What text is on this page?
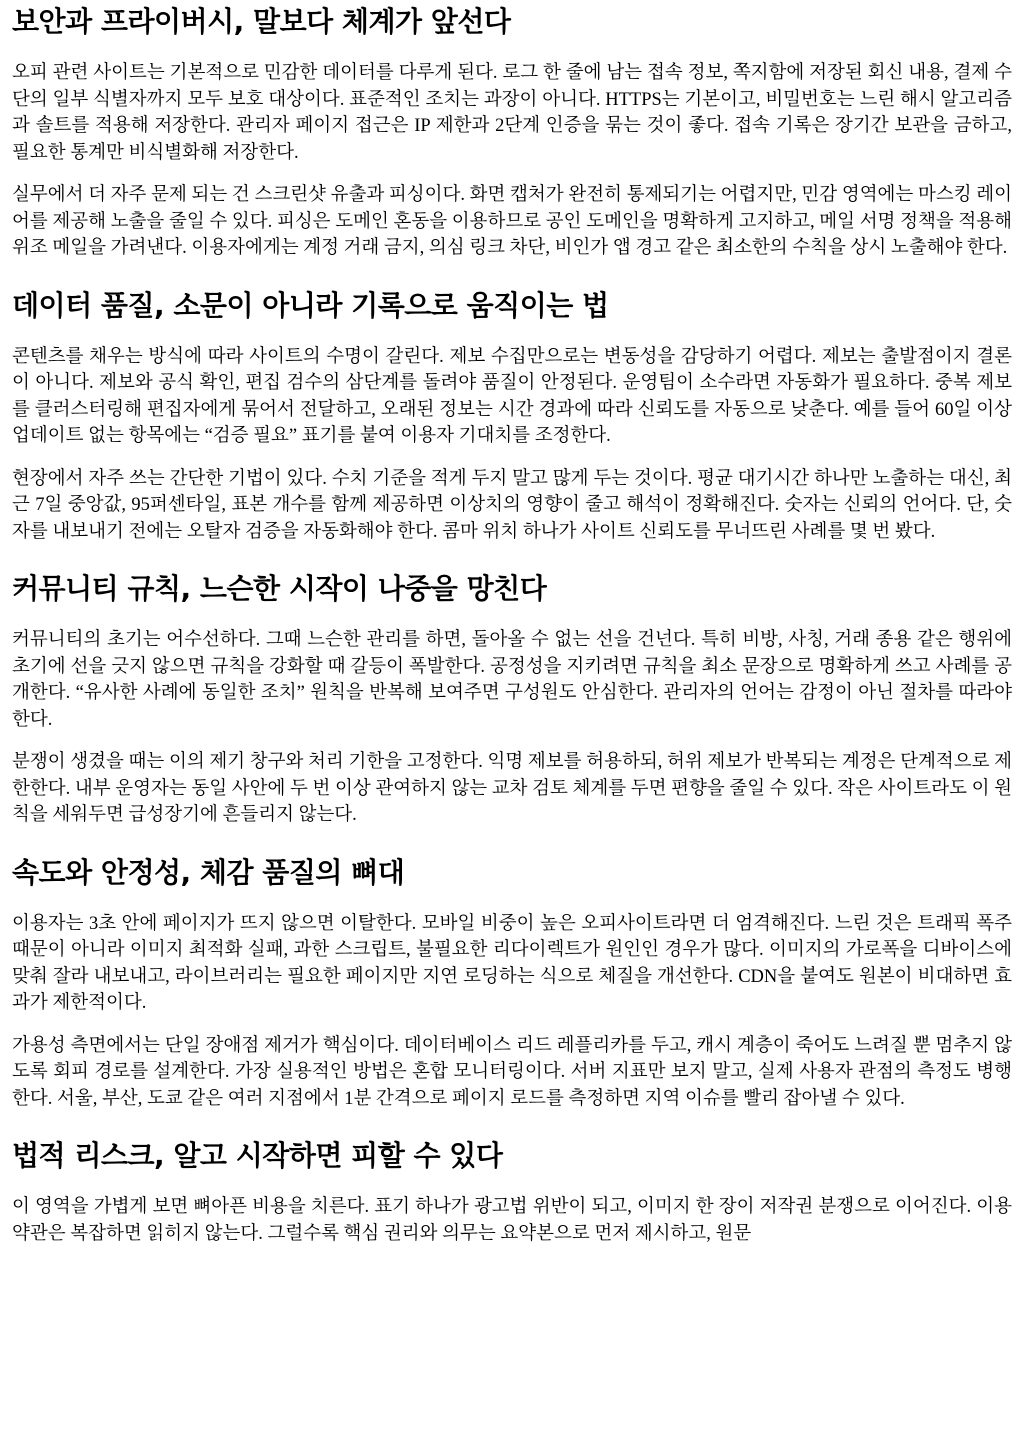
보안과 프라이버시, 말보다 체계가 앞선다

오피 관련 사이트는 기본적으로 민감한 데이터를 다루게 된다. 로그 한 줄에 남는 접속 정보, 쪽지함에 저장된 회신 내용, 결제 수단의 일부 식별자까지 모두 보호 대상이다. 표준적인 조치는 과장이 아니다. HTTPS는 기본이고, 비밀번호는 느린 해시 알고리즘과 솔트를 적용해 저장한다. 관리자 페이지 접근은 IP 제한과 2단계 인증을 묶는 것이 좋다. 접속 기록은 장기간 보관을 금하고, 필요한 통계만 비식별화해 저장한다.

실무에서 더 자주 문제 되는 건 스크린샷 유출과 피싱이다. 화면 캡처가 완전히 통제되기는 어렵지만, 민감 영역에는 마스킹 레이어를 제공해 노출을 줄일 수 있다. 피싱은 도메인 혼동을 이용하므로 공인 도메인을 명확하게 고지하고, 메일 서명 정책을 적용해 위조 메일을 가려낸다. 이용자에게는 계정 거래 금지, 의심 링크 차단, 비인가 앱 경고 같은 최소한의 수칙을 상시 노출해야 한다.

데이터 품질, 소문이 아니라 기록으로 움직이는 법

콘텐츠를 채우는 방식에 따라 사이트의 수명이 갈린다. 제보 수집만으로는 변동성을 감당하기 어렵다. 제보는 출발점이지 결론이 아니다. 제보와 공식 확인, 편집 검수의 삼단계를 돌려야 품질이 안정된다. 운영팀이 소수라면 자동화가 필요하다. 중복 제보를 클러스터링해 편집자에게 묶어서 전달하고, 오래된 정보는 시간 경과에 따라 신뢰도를 자동으로 낮춘다. 예를 들어 60일 이상 업데이트 없는 항목에는 “검증 필요” 표기를 붙여 이용자 기대치를 조정한다.

현장에서 자주 쓰는 간단한 기법이 있다. 수치 기준을 적게 두지 말고 많게 두는 것이다. 평균 대기시간 하나만 노출하는 대신, 최근 7일 중앙값, 95퍼센타일, 표본 개수를 함께 제공하면 이상치의 영향이 줄고 해석이 정확해진다. 숫자는 신뢰의 언어다. 단, 숫자를 내보내기 전에는 오탈자 검증을 자동화해야 한다. 콤마 위치 하나가 사이트 신뢰도를 무너뜨린 사례를 몇 번 봤다.

커뮤니티 규칙, 느슨한 시작이 나중을 망친다

커뮤니티의 초기는 어수선하다. 그때 느슨한 관리를 하면, 돌아올 수 없는 선을 건넌다. 특히 비방, 사칭, 거래 종용 같은 행위에 초기에 선을 긋지 않으면 규칙을 강화할 때 갈등이 폭발한다. 공정성을 지키려면 규칙을 최소 문장으로 명확하게 쓰고 사례를 공개한다. “유사한 사례에 동일한 조치” 원칙을 반복해 보여주면 구성원도 안심한다. 관리자의 언어는 감정이 아닌 절차를 따라야 한다.

분쟁이 생겼을 때는 이의 제기 창구와 처리 기한을 고정한다. 익명 제보를 허용하되, 허위 제보가 반복되는 계정은 단계적으로 제한한다. 내부 운영자는 동일 사안에 두 번 이상 관여하지 않는 교차 검토 체계를 두면 편향을 줄일 수 있다. 작은 사이트라도 이 원칙을 세워두면 급성장기에 흔들리지 않는다.

속도와 안정성, 체감 품질의 뼈대

이용자는 3초 안에 페이지가 뜨지 않으면 이탈한다. 모바일 비중이 높은 오피사이트라면 더 엄격해진다. 느린 것은 트래픽 폭주 때문이 아니라 이미지 최적화 실패, 과한 스크립트, 불필요한 리다이렉트가 원인인 경우가 많다. 이미지의 가로폭을 디바이스에 맞춰 잘라 내보내고, 라이브러리는 필요한 페이지만 지연 로딩하는 식으로 체질을 개선한다. CDN을 붙여도 원본이 비대하면 효과가 제한적이다.

가용성 측면에서는 단일 장애점 제거가 핵심이다. 데이터베이스 리드 레플리카를 두고, 캐시 계층이 죽어도 느려질 뿐 멈추지 않도록 회피 경로를 설계한다. 가장 실용적인 방법은 혼합 모니터링이다. 서버 지표만 보지 말고, 실제 사용자 관점의 측정도 병행한다. 서울, 부산, 도쿄 같은 여러 지점에서 1분 간격으로 페이지 로드를 측정하면 지역 이슈를 빨리 잡아낼 수 있다.

법적 리스크, 알고 시작하면 피할 수 있다

이 영역을 가볍게 보면 뼈아픈 비용을 치른다. 표기 하나가 광고법 위반이 되고, 이미지 한 장이 저작권 분쟁으로 이어진다. 이용약관은 복잡하면 읽히지 않는다. 그럴수록 핵심 권리와 의무는 요약본으로 먼저 제시하고, 원문
